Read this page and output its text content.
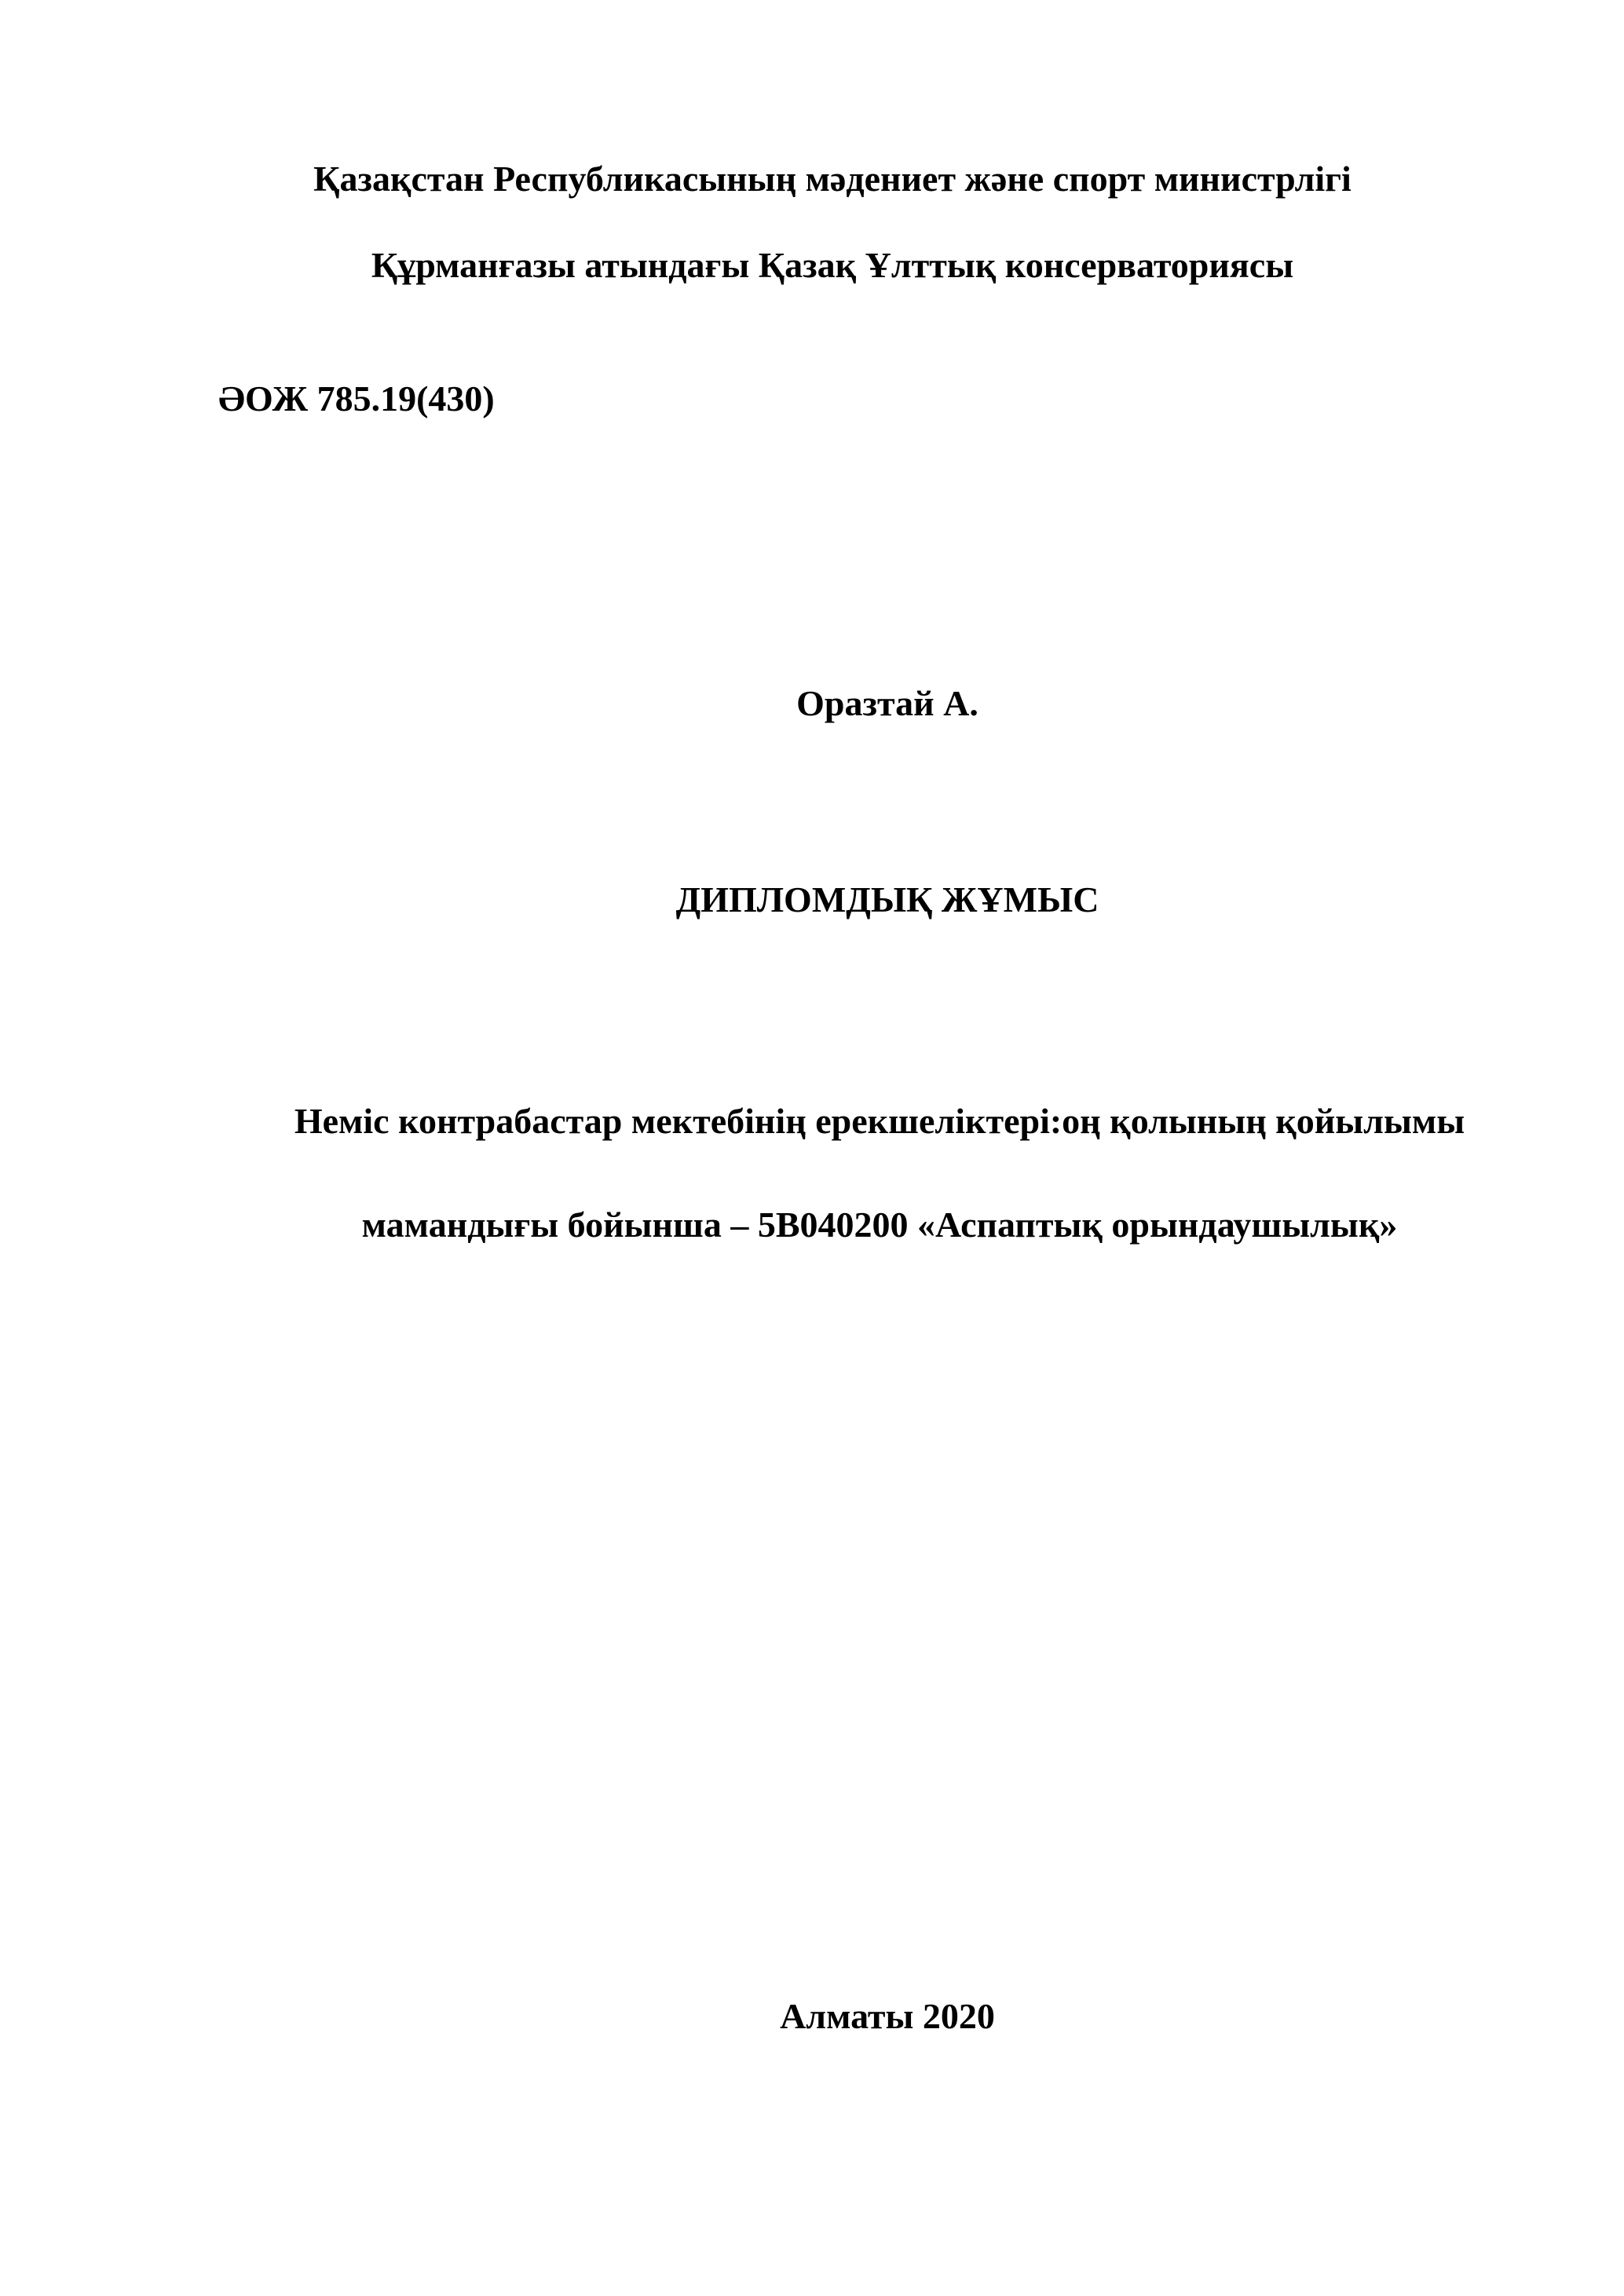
Қазақстан Республикасының мәдениет және спорт министрлігі
Құрманғазы атындағы Қазақ Ұлттық консерваториясы
ӘОЖ 785.19(430)
Оразтай А.
ДИПЛОМДЫҚ ЖҰМЫС
Неміс контрабастар мектебінің ерекшеліктері:оң қолының қойылымы
мамандығы бойынша – 5В040200 «Аспаптық орындаушылық»
Алматы 2020
